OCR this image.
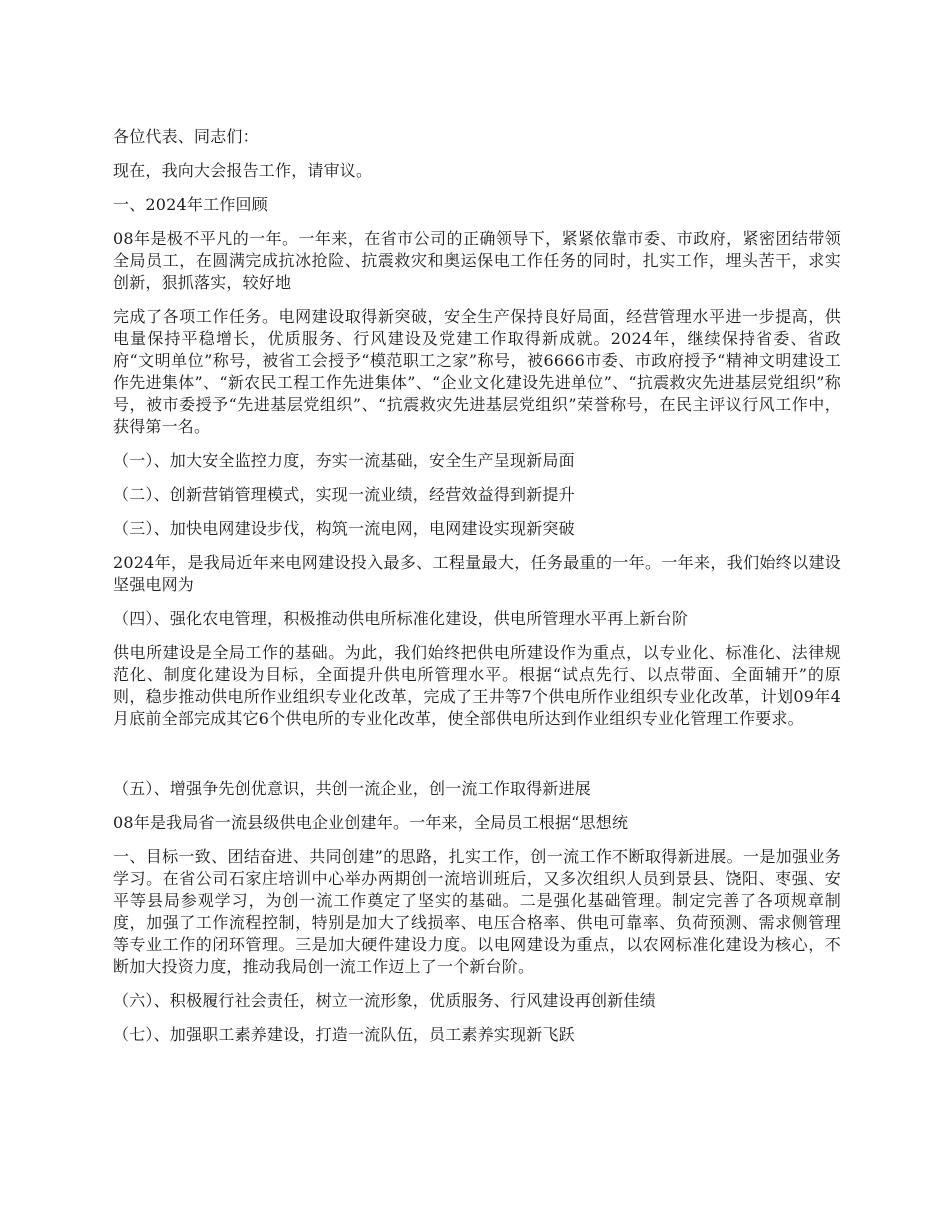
各位代表、同志们：

现在，我向大会报告工作，请审议。

一、2024年工作回顾

08年是极不平凡的一年。一年来，在省市公司的正确领导下，紧紧依靠市委、市政府，紧密团结带领全局员工，在圆满完成抗冰抢险、抗震救灾和奥运保电工作任务的同时，扎实工作，埋头苦干，求实创新，狠抓落实，较好地

完成了各项工作任务。电网建设取得新突破，安全生产保持良好局面，经营管理水平进一步提高，供电量保持平稳增长，优质服务、行风建设及党建工作取得新成就。2024年，继续保持省委、省政府“文明单位”称号，被省工会授予“模范职工之家”称号，被6666市委、市政府授予“精神文明建设工作先进集体”、“新农民工程工作先进集体”、“企业文化建设先进单位”、“抗震救灾先进基层党组织”称号，被市委授予“先进基层党组织”、“抗震救灾先进基层党组织”荣誉称号，在民主评议行风工作中，获得第一名。

（一）、加大安全监控力度，夯实一流基础，安全生产呈现新局面

（二）、创新营销管理模式，实现一流业绩，经营效益得到新提升

（三）、加快电网建设步伐，构筑一流电网，电网建设实现新突破

2024年，是我局近年来电网建设投入最多、工程量最大，任务最重的一年。一年来，我们始终以建设坚强电网为

（四）、强化农电管理，积极推动供电所标准化建设，供电所管理水平再上新台阶

供电所建设是全局工作的基础。为此，我们始终把供电所建设作为重点，以专业化、标准化、法律规范化、制度化建设为目标，全面提升供电所管理水平。根据“试点先行、以点带面、全面辅开”的原则，稳步推动供电所作业组织专业化改革，完成了王井等7个供电所作业组织专业化改革，计划09年4月底前全部完成其它6个供电所的专业化改革，使全部供电所达到作业组织专业化管理工作要求。

（五）、增强争先创优意识，共创一流企业，创一流工作取得新进展

08年是我局省一流县级供电企业创建年。一年来，全局员工根据“思想统

一、目标一致、团结奋进、共同创建”的思路，扎实工作，创一流工作不断取得新进展。一是加强业务学习。在省公司石家庄培训中心举办两期创一流培训班后，又多次组织人员到景县、饶阳、枣强、安平等县局参观学习，为创一流工作奠定了坚实的基础。二是强化基础管理。制定完善了各项规章制度，加强了工作流程控制，特别是加大了线损率、电压合格率、供电可靠率、负荷预测、需求侧管理等专业工作的闭环管理。三是加大硬件建设力度。以电网建设为重点，以农网标准化建设为核心，不断加大投资力度，推动我局创一流工作迈上了一个新台阶。

（六）、积极履行社会责任，树立一流形象，优质服务、行风建设再创新佳绩

（七）、加强职工素养建设，打造一流队伍，员工素养实现新飞跃
